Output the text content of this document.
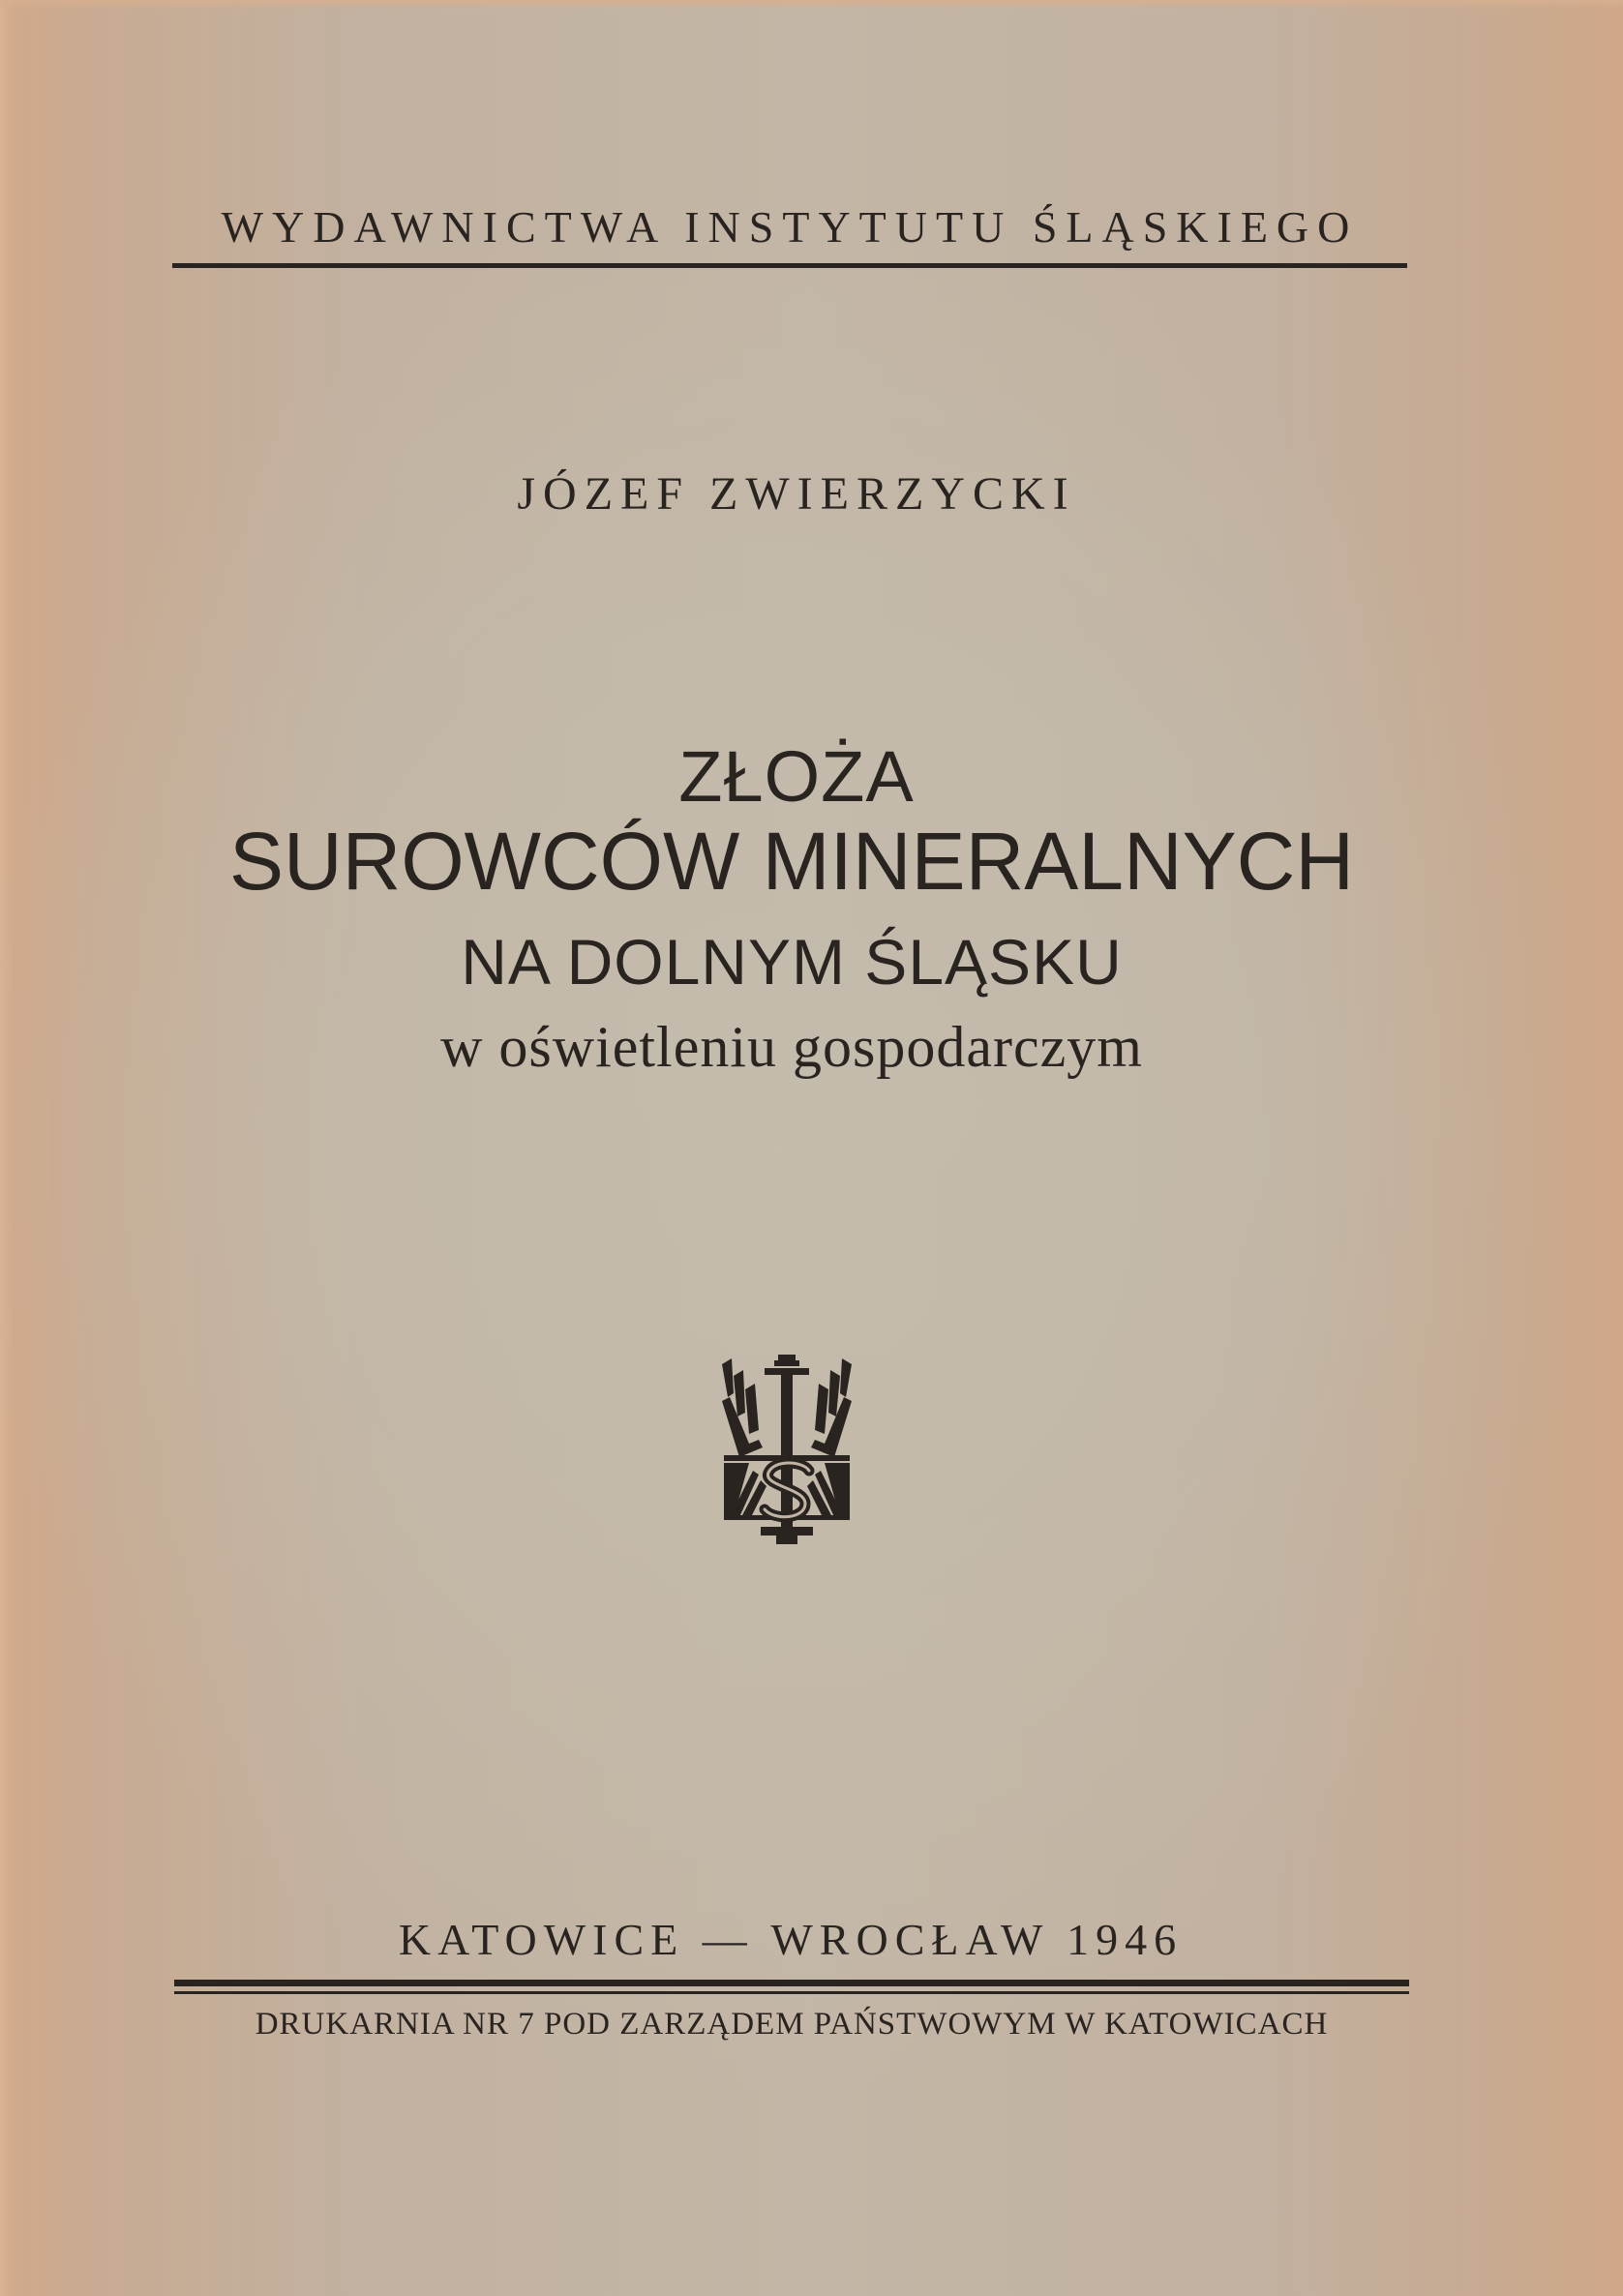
WYDAWNICTWA INSTYTUTU ŚLĄSKIEGO
JÓZEF ZWIERZYCKI
ZŁOŻA
SUROWCÓW MINERALNYCH
NA DOLNYM ŚLĄSKU
w oświetleniu gospodarczym
KATOWICE — WROCŁAW 1946
DRUKARNIA NR 7 POD ZARZĄDEM PAŃSTWOWYM W KATOWICACH
